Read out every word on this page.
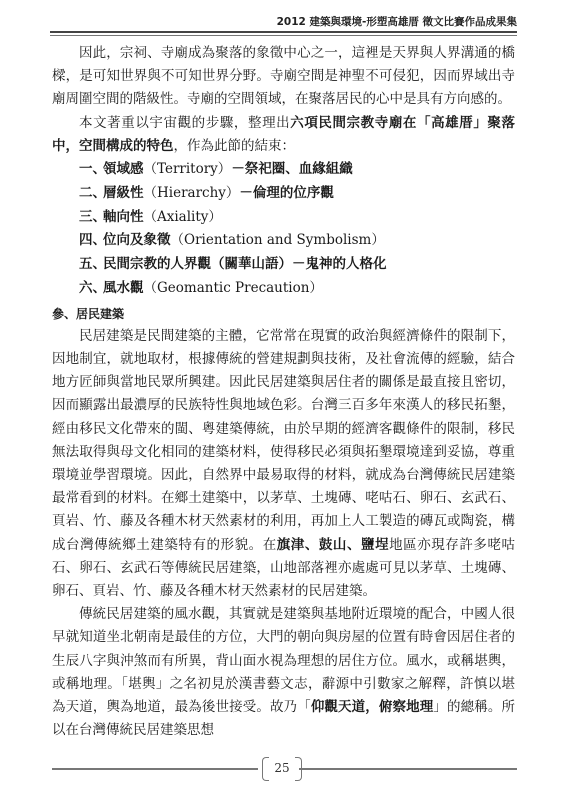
2012 建築與環境-形塑高雄厝 徵文比賽作品成果集

因此，宗祠、寺廟成為聚落的象徵中心之一，這裡是天界與人界溝通的橋樑，是可知世界與不可知世界分野。寺廟空間是神聖不可侵犯，因而界域出寺廟周圍空間的階級性。寺廟的空間領域，在聚落居民的心中是具有方向感的。

本文著重以宇宙觀的步驟，整理出六項民間宗教寺廟在「高雄厝」聚落中，空間構成的特色，作為此節的結束：

一、領域感（Territory）－祭祀圈、血緣組織
二、層級性（Hierarchy）－倫理的位序觀
三、軸向性（Axiality）
四、位向及象徵（Orientation and Symbolism）
五、民間宗教的人界觀（關華山語）－鬼神的人格化
六、風水觀（Geomantic Precaution）
參、居民建築

民居建築是民間建築的主體，它常常在現實的政治與經濟條件的限制下，因地制宜，就地取材，根據傳統的營建規劃與技術，及社會流傳的經驗，結合地方匠師與當地民眾所興建。因此民居建築與居住者的關係是最直接且密切，因而顯露出最濃厚的民族特性與地域色彩。台灣三百多年來漢人的移民拓墾，經由移民文化帶來的閩、粵建築傳統，由於早期的經濟客觀條件的限制，移民無法取得與母文化相同的建築材料，使得移民必須與拓墾環境達到妥協，尊重環境並學習環境。因此，自然界中最易取得的材料，就成為台灣傳統民居建築最常看到的材料。在鄉土建築中，以茅草、土塊磚、咾咕石、卵石、玄武石、頁岩、竹、藤及各種木材天然素材的利用，再加上人工製造的磚瓦或陶瓷，構成台灣傳統鄉土建築特有的形貌。在旗津、鼓山、鹽埕地區亦現存許多咾咕石、卵石、玄武石等傳統民居建築，山地部落裡亦處處可見以茅草、土塊磚、卵石、頁岩、竹、藤及各種木材天然素材的民居建築。

傳統民居建築的風水觀，其實就是建築與基地附近環境的配合，中國人很早就知道坐北朝南是最佳的方位，大門的朝向與房屋的位置有時會因居住者的生辰八字與沖煞而有所異，背山面水視為理想的居住方位。風水，或稱堪輿，或稱地理。「堪輿」之名初見於漢書藝文志，辭源中引數家之解釋，許慎以堪為天道，輿為地道，最為後世接受。故乃「仰觀天道，俯察地理」的總稱。所以在台灣傳統民居建築思想

25
